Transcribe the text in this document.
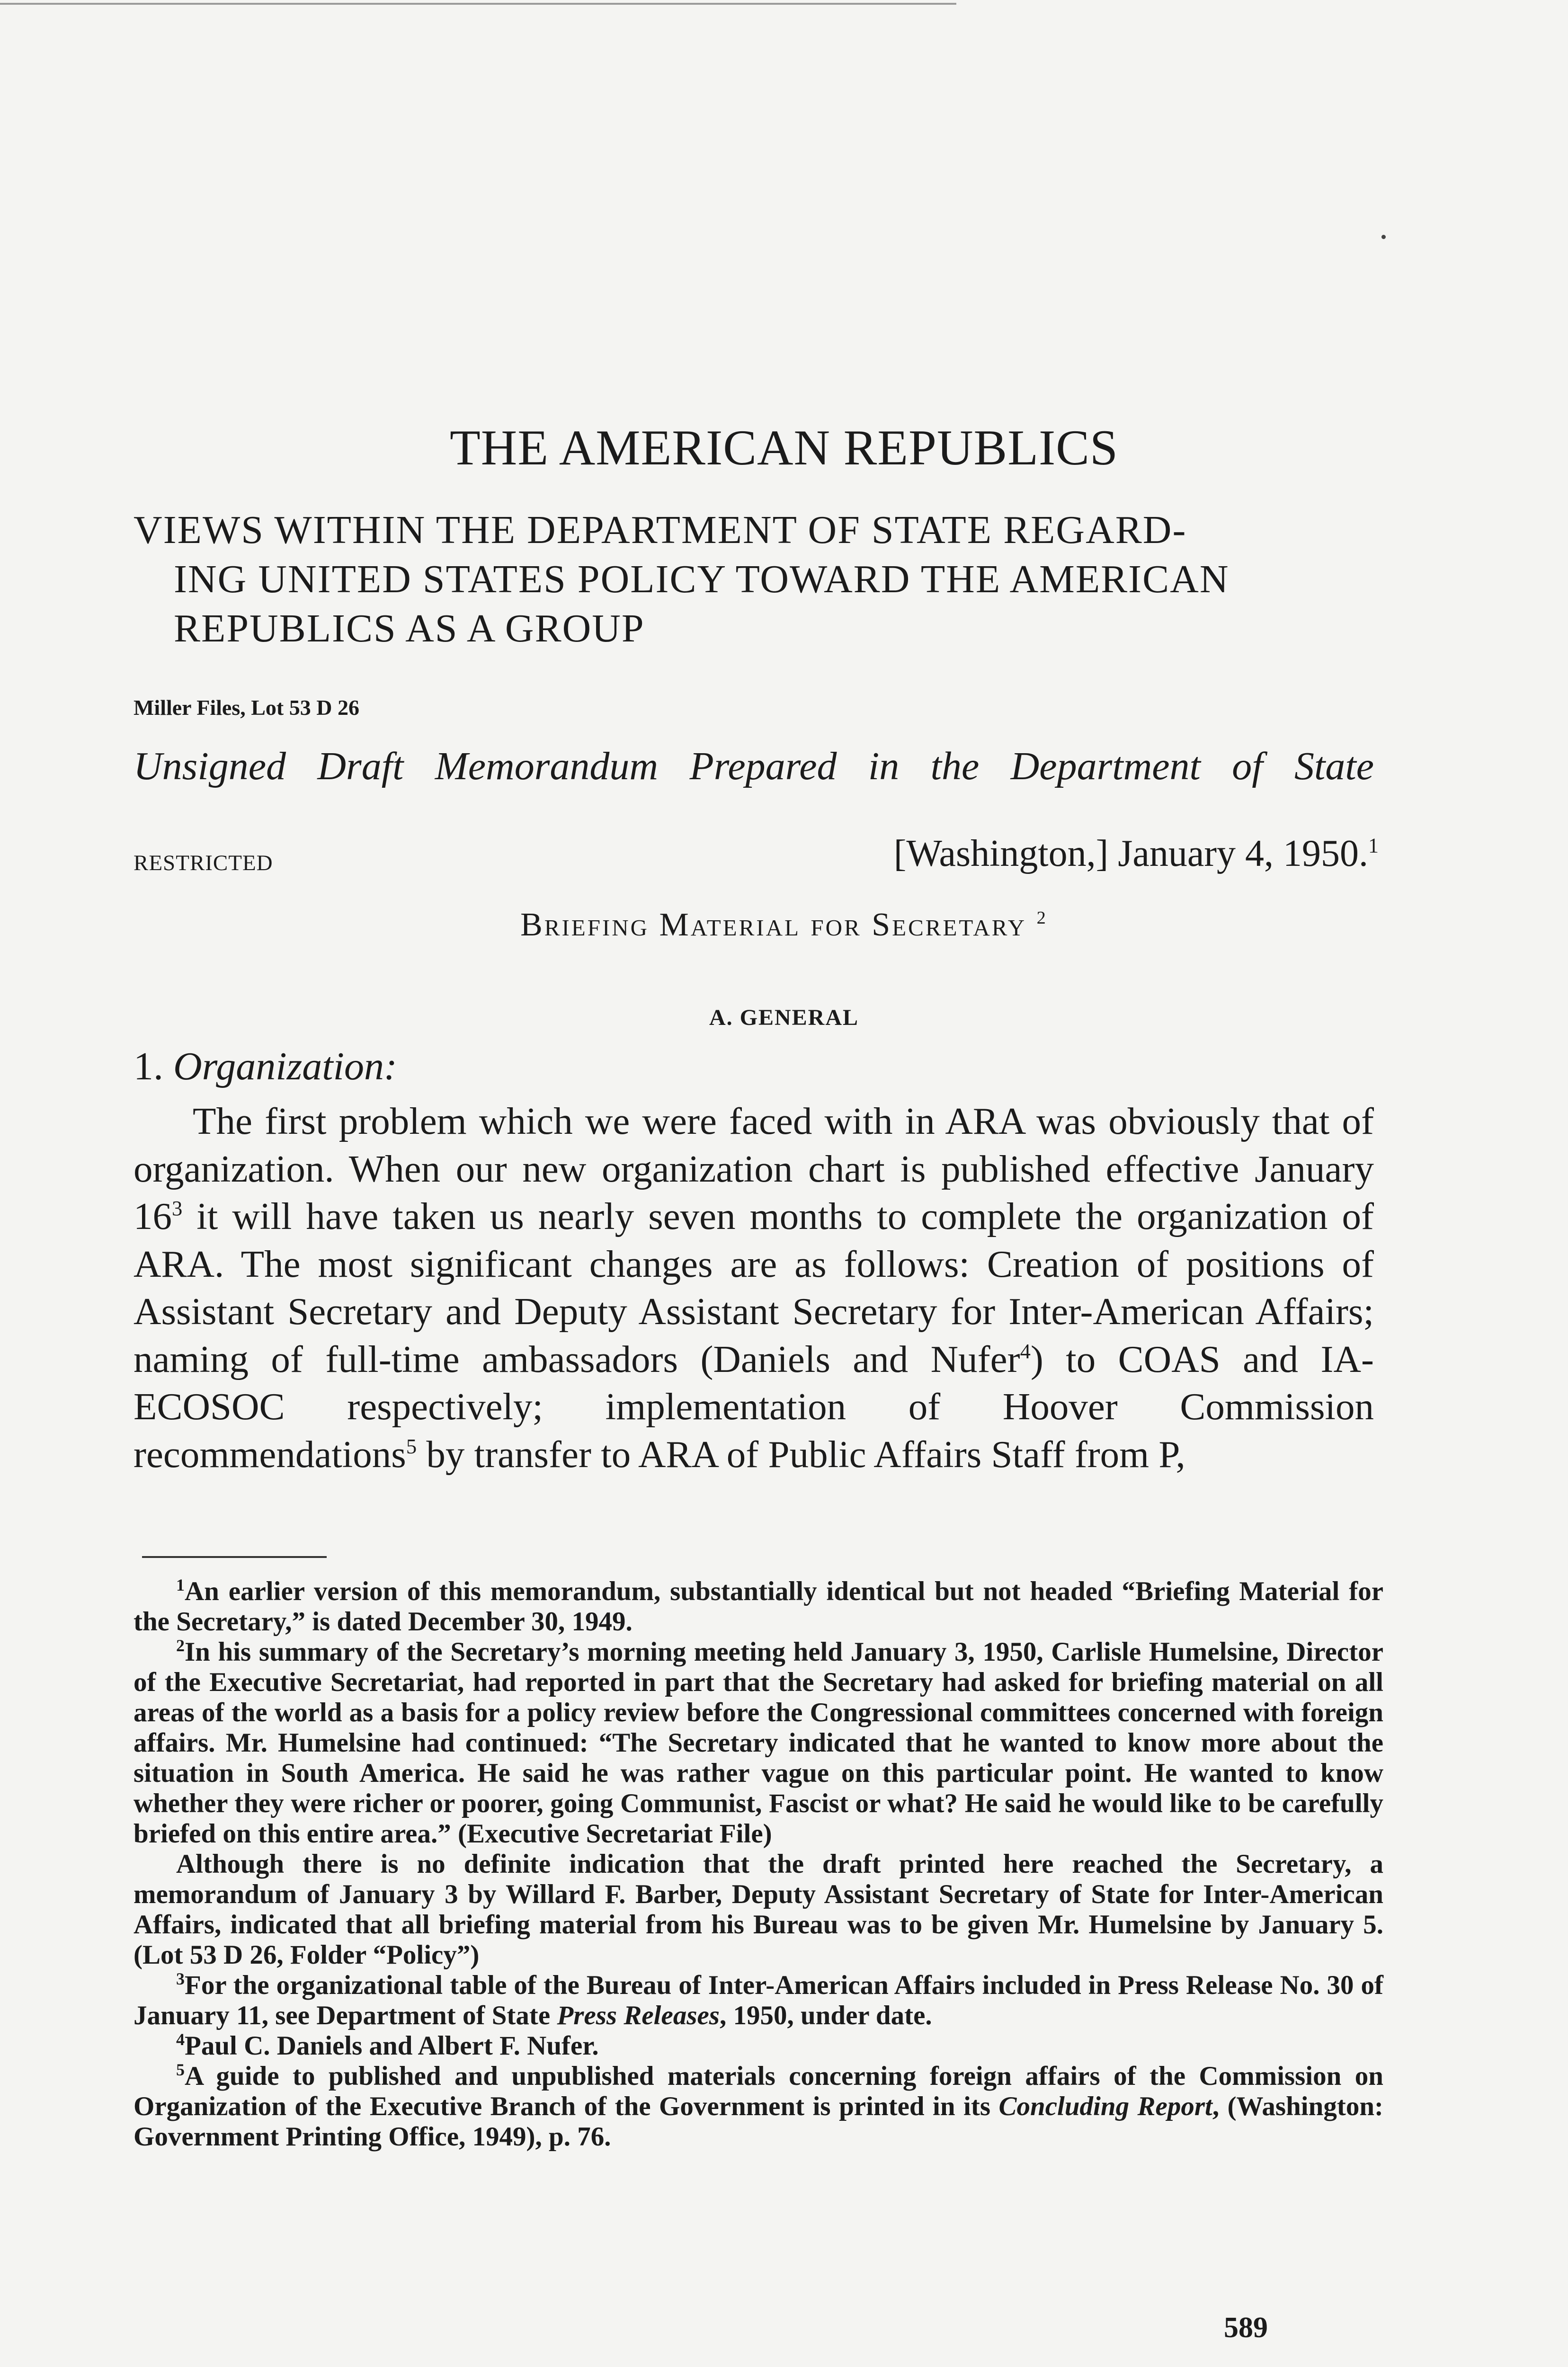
THE AMERICAN REPUBLICS
VIEWS WITHIN THE DEPARTMENT OF STATE REGARD-
ING UNITED STATES POLICY TOWARD THE AMERICAN
REPUBLICS AS A GROUP
Miller Files, Lot 53 D 26
Unsigned Draft Memorandum Prepared in the Department of State
RESTRICTED	[Washington,] January 4, 1950.$^1$
Briefing Material for Secretary $^2$
A. GENERAL
1. Organization:

The first problem which we were faced with in ARA was obviously that of organization. When our new organization chart is published effective January $16^3$ it will have taken us nearly seven months to complete the organization of ARA. The most significant changes are as follows: Creation of positions of Assistant Secretary and Deputy Assistant Secretary for Inter-American Affairs; naming of full-time ambassadors (Daniels and Nufer$^4$) to COAS and IA-ECOSOC respectively; implementation of Hoover Commission recommendations$^5$ by transfer to ARA of Public Affairs Staff from P,

$^1$An earlier version of this memorandum, substantially identical but not headed “Briefing Material for the Secretary,” is dated December 30, 1949.

$^2$In his summary of the Secretary’s morning meeting held January 3, 1950, Carlisle Humelsine, Director of the Executive Secretariat, had reported in part that the Secretary had asked for briefing material on all areas of the world as a basis for a policy review before the Congressional committees concerned with foreign affairs. Mr. Humelsine had continued: “The Secretary indicated that he wanted to know more about the situation in South America. He said he was rather vague on this particular point. He wanted to know whether they were richer or poorer, going Communist, Fascist or what? He said he would like to be carefully briefed on this entire area.” (Executive Secretariat File)

Although there is no definite indication that the draft printed here reached the Secretary, a memorandum of January 3 by Willard F. Barber, Deputy Assistant Secretary of State for Inter-American Affairs, indicated that all briefing material from his Bureau was to be given Mr. Humelsine by January 5. (Lot 53 D 26, Folder “Policy”)

$^3$For the organizational table of the Bureau of Inter-American Affairs included in Press Release No. 30 of January 11, see Department of State Press Releases, 1950, under date.

$^4$Paul C. Daniels and Albert F. Nufer.

$^5$A guide to published and unpublished materials concerning foreign affairs of the Commission on Organization of the Executive Branch of the Government is printed in its Concluding Report, (Washington: Government Printing Office, 1949), p. 76.

589
